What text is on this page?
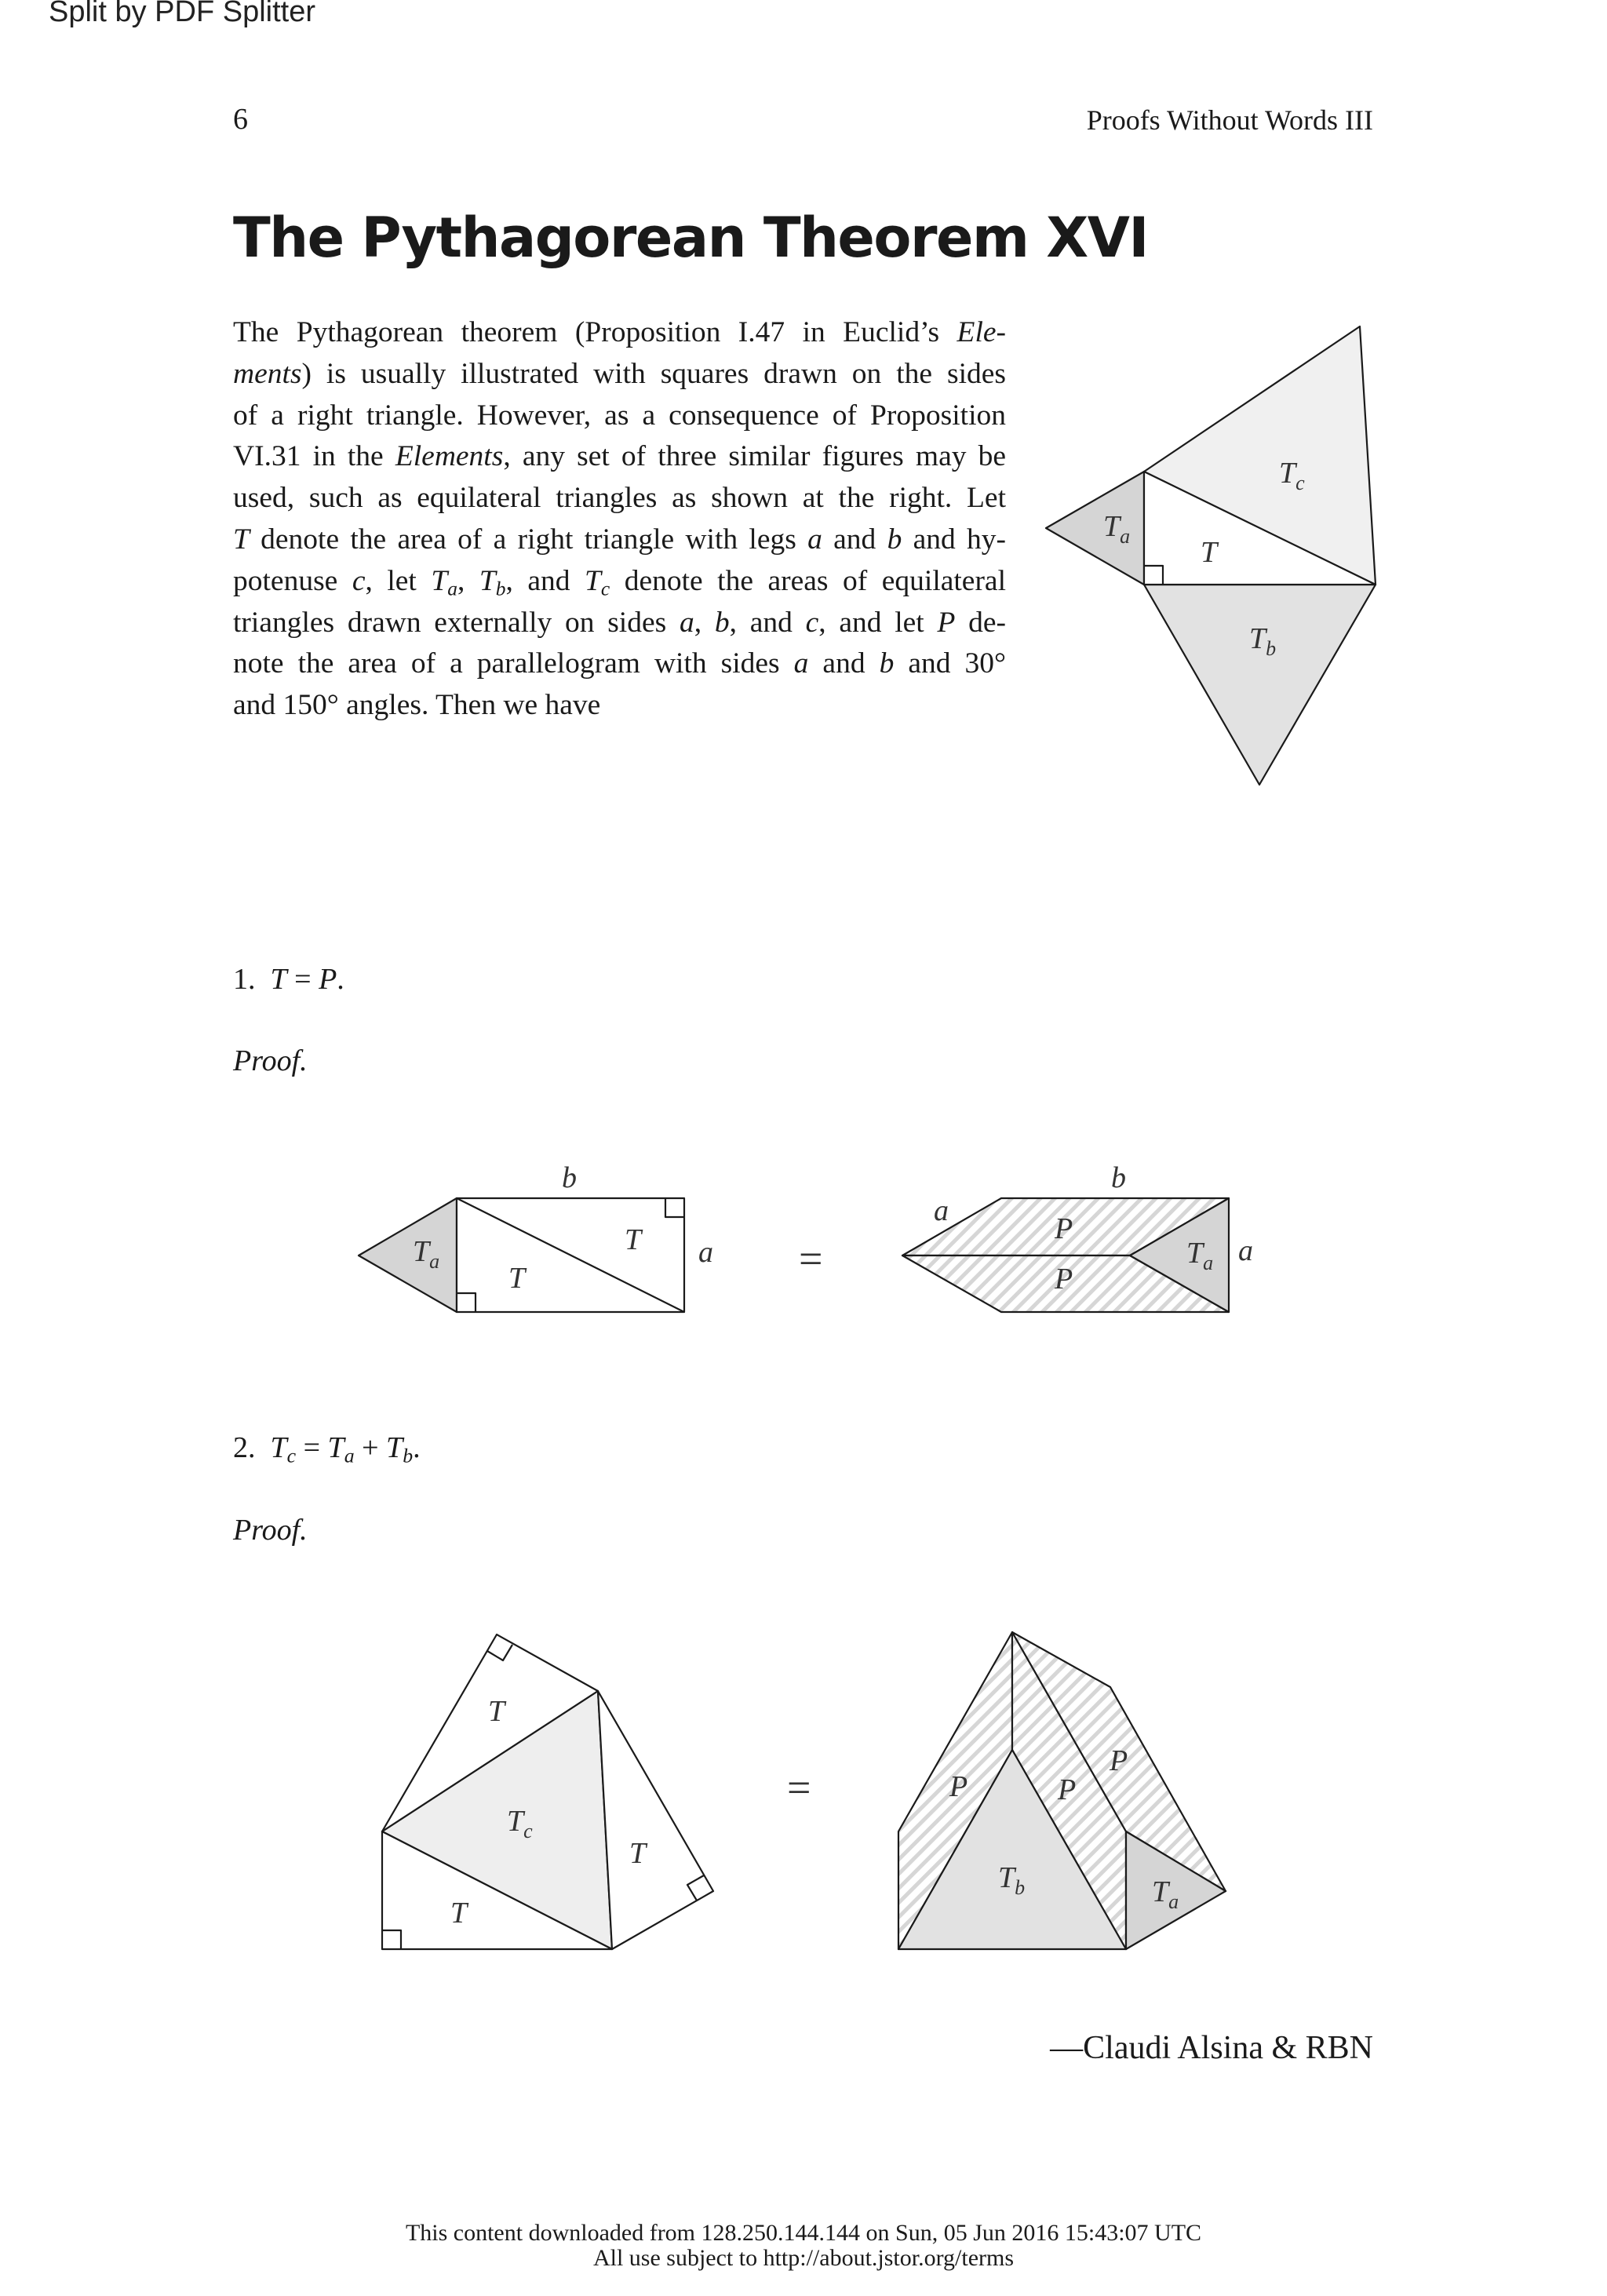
Split by PDF Splitter
6	Proofs Without Words III
The Pythagorean Theorem XVI
The Pythagorean theorem (Proposition I.47 in Euclid’s Ele-
ments) is usually illustrated with squares drawn on the sides
of a right triangle. However, as a consequence of Proposition
VI.31 in the Elements, any set of three similar figures may be
used, such as equilateral triangles as shown at the right. Let
T denote the area of a right triangle with legs a and b and hy-
potenuse c, let $T_a$, $T_b$, and $T_c$ denote the areas of equilateral
triangles drawn externally on sides a, b, and c, and let P de-
note the area of a parallelogram with sides a and b and 30°
and 150° angles. Then we have
1. T = P.
Proof.
2. $T_c = T_a + T_b$.
Proof.
$T_c$
$T_a$ T
$T_b$
b
T a
T
$T_a$	=
a
b
P
P
$T_a$ a
T
$T_c$
T
T
=	P	P
P
$T_b$	$T_a$
—Claudi Alsina & RBN
This content downloaded from 128.250.144.144 on Sun, 05 Jun 2016 15:43:07 UTC
All use subject to http://about.jstor.org/terms
